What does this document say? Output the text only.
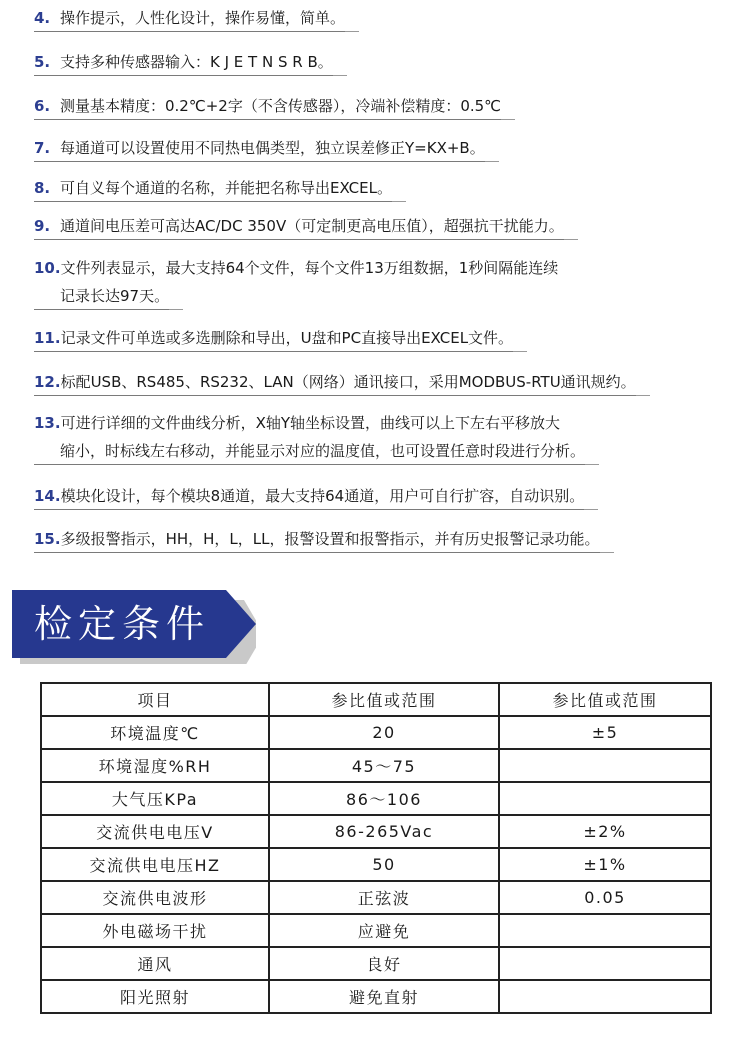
4. 操作提示，人性化设计，操作易懂，简单。
5. 支持多种传感器输入：K J E T N S R B。
6. 测量基本精度：0.2℃+2字（不含传感器），冷端补偿精度：0.5℃
7. 每通道可以设置使用不同热电偶类型，独立误差修正Y=KX+B。
8. 可自义每个通道的名称，并能把名称导出EXCEL。
9. 通道间电压差可高达AC/DC 350V（可定制更高电压值），超强抗干扰能力。
10.文件列表显示，最大支持64个文件，每个文件13万组数据，1秒间隔能连续
记录长达97天。
11.记录文件可单选或多选删除和导出，U盘和PC直接导出EXCEL文件。
12.标配USB、RS485、RS232、LAN（网络）通讯接口，采用MODBUS-RTU通讯规约。
13.可进行详细的文件曲线分析，X轴Y轴坐标设置，曲线可以上下左右平移放大
缩小，时标线左右移动，并能显示对应的温度值，也可设置任意时段进行分析。
14.模块化设计，每个模块8通道，最大支持64通道，用户可自行扩容，自动识别。
15.多级报警指示，HH，H，L，LL，报警设置和报警指示，并有历史报警记录功能。
检定条件
项目	参比值或范围	参比值或范围
环境温度℃	20	±5
环境湿度%RH	45～75	
大气压KPa	86～106	
交流供电电压V	86-265Vac	±2%
交流供电电压HZ	50	±1%
交流供电波形	正弦波	0.05
外电磁场干扰	应避免	
通风	良好	
阳光照射	避免直射	
